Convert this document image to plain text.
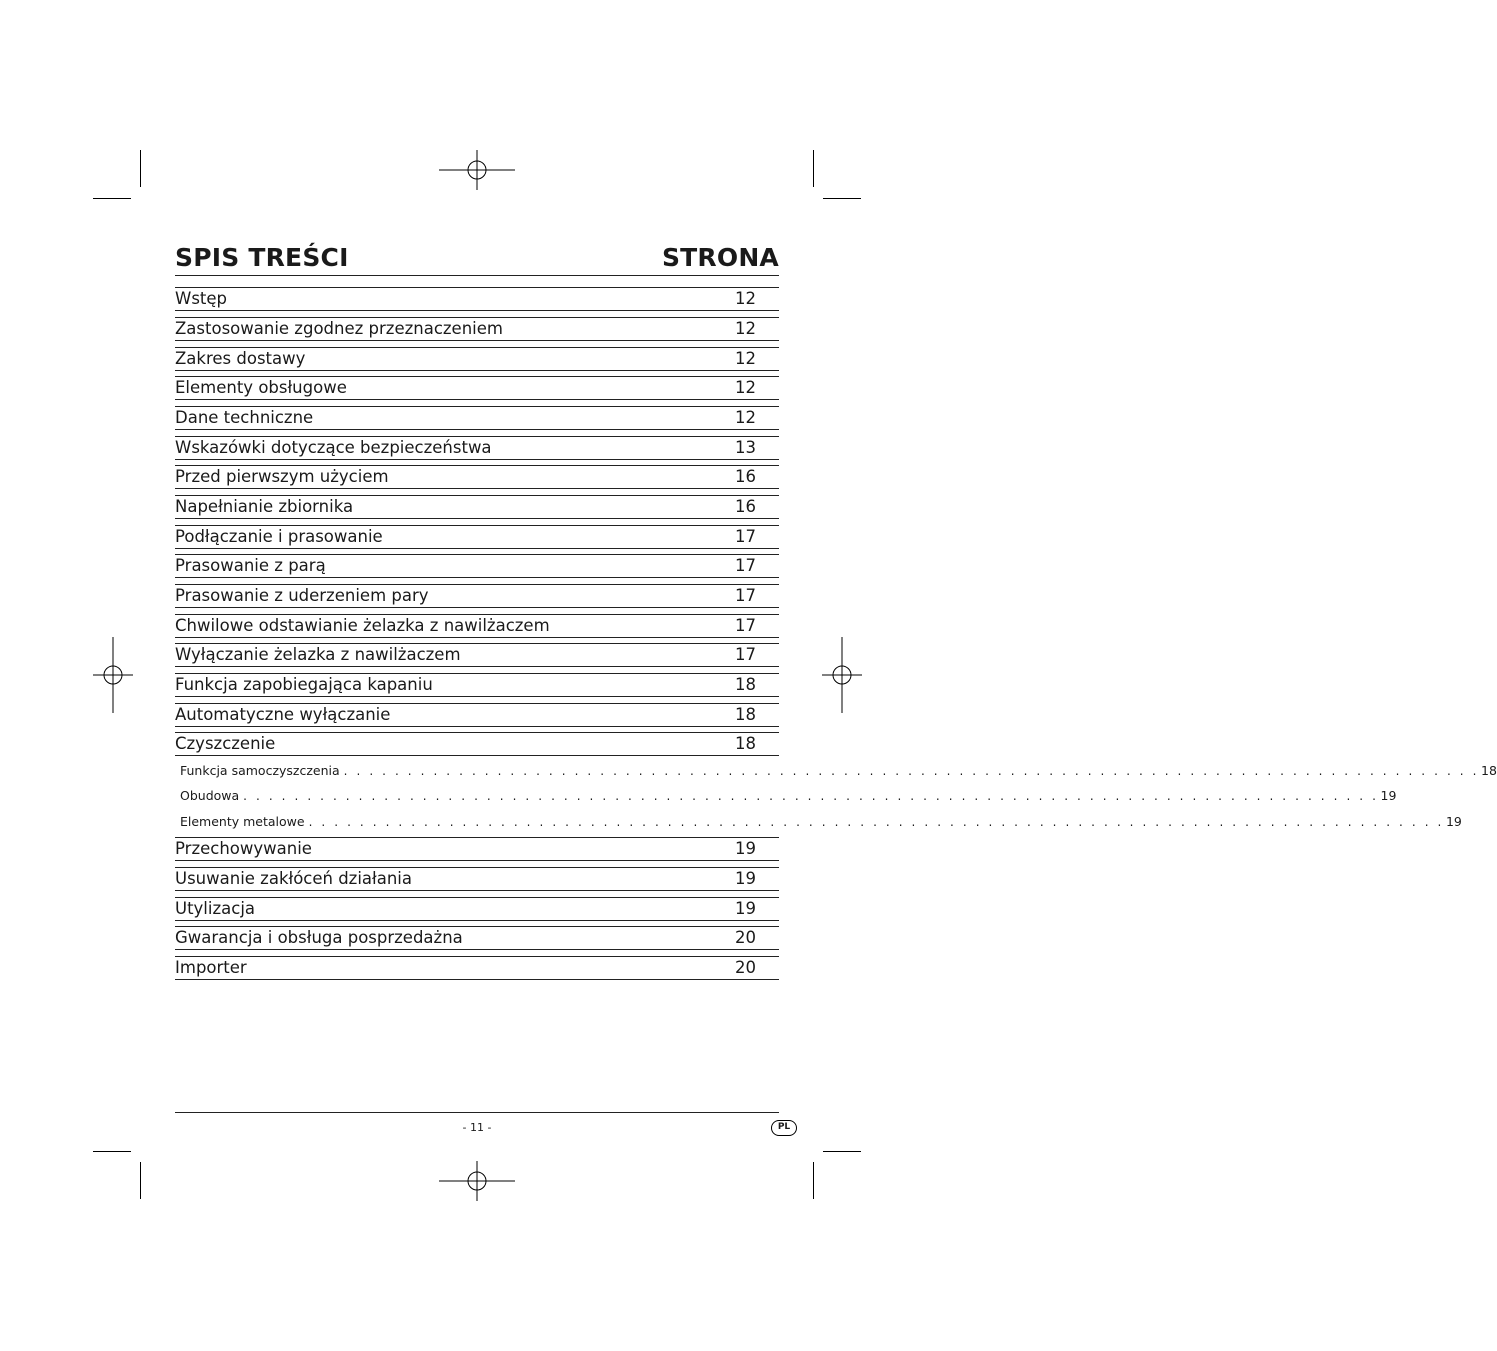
SPIS TREŚCI	STRONA
Wstęp	12
Zastosowanie zgodnez przeznaczeniem	12
Zakres dostawy	12
Elementy obsługowe	12
Dane techniczne	12
Wskazówki dotyczące bezpieczeństwa	13
Przed pierwszym użyciem	16
Napełnianie zbiornika	16
Podłączanie i prasowanie	17
Prasowanie z parą	17
Prasowanie z uderzeniem pary	17
Chwilowe odstawianie żelazka z nawilżaczem	17
Wyłączanie żelazka z nawilżaczem	17
Funkcja zapobiegająca kapaniu	18
Automatyczne wyłączanie	18
Czyszczenie	18
Funkcja samoczyszczenia . . . . . . . . . . . . . . . . . . . . . . . . . . . . . . . . . . . . . . . . . . . . . . . . . . . . . . . . . . . . . . . . . . . . . . . . . . . . . . . . . . . . . . . . . 18
Obudowa . . . . . . . . . . . . . . . . . . . . . . . . . . . . . . . . . . . . . . . . . . . . . . . . . . . . . . . . . . . . . . . . . . . . . . . . . . . . . . . . . . . . . . . . . 19
Elementy metalowe . . . . . . . . . . . . . . . . . . . . . . . . . . . . . . . . . . . . . . . . . . . . . . . . . . . . . . . . . . . . . . . . . . . . . . . . . . . . . . . . . . . . . . . . . 19
Przechowywanie	19
Usuwanie zakłóceń działania	19
Utylizacja	19
Gwarancja i obsługa posprzedażna	20
Importer	20
- 11 -	PL
